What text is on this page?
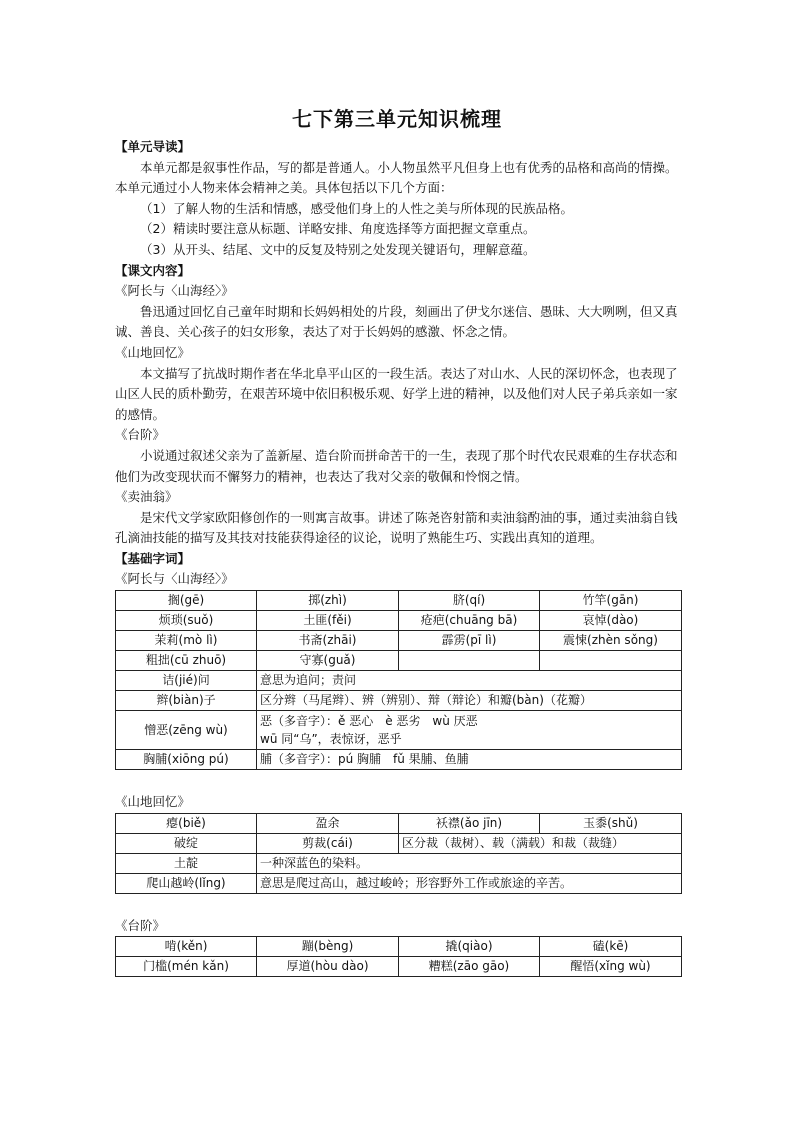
七下第三单元知识梳理
【单元导读】

本单元都是叙事性作品，写的都是普通人。小人物虽然平凡但身上也有优秀的品格和高尚的情操。本单元通过小人物来体会精神之美。具体包括以下几个方面：

（1）了解人物的生活和情感，感受他们身上的人性之美与所体现的民族品格。

（2）精读时要注意从标题、详略安排、角度选择等方面把握文章重点。

（3）从开头、结尾、文中的反复及特别之处发现关键语句，理解意蕴。

【课文内容】

《阿长与〈山海经〉》

鲁迅通过回忆自己童年时期和长妈妈相处的片段，刻画出了伊戈尔迷信、愚昧、大大咧咧，但又真诚、善良、关心孩子的妇女形象，表达了对于长妈妈的感激、怀念之情。

《山地回忆》

本文描写了抗战时期作者在华北阜平山区的一段生活。表达了对山水、人民的深切怀念，也表现了山区人民的质朴勤劳，在艰苦环境中依旧积极乐观、好学上进的精神，以及他们对人民子弟兵亲如一家的感情。

《台阶》

小说通过叙述父亲为了盖新屋、造台阶而拼命苦干的一生，表现了那个时代农民艰难的生存状态和他们为改变现状而不懈努力的精神，也表达了我对父亲的敬佩和怜悯之情。

《卖油翁》

是宋代文学家欧阳修创作的一则寓言故事。讲述了陈尧咨射箭和卖油翁酌油的事，通过卖油翁自钱孔滴油技能的描写及其技对技能获得途径的议论，说明了熟能生巧、实践出真知的道理。

【基础字词】

《阿长与〈山海经〉》

搁(gē)	掷(zhì)	脐(qí)	竹竿(gān)
烦琐(suǒ)	土匪(fěi)	疮疤(chuāng bā)	哀悼(dào)
茉莉(mò lì)	书斋(zhāi)	霹雳(pī lì)	震悚(zhèn sǒng)
粗拙(cū zhuō)	守寡(guǎ)		
诘(jié)问	意思为追问；责问		
辫(biàn)子	区分辫（马尾辫）、辨（辨别）、辩（辩论）和瓣(bàn)（花瓣）		
憎恶(zēng wù)	恶（多音字）：ě 恶心　è 恶劣　wù 厌恶
wū 同“乌”，表惊讶，恶乎		

胸脯(xiōng pú)	脯（多音字）：pú 胸脯　fǔ 果脯、鱼脯		

《山地回忆》

瘪(biě)	盈余	袄襟(ǎo jīn)	玉黍(shǔ)
破绽	剪裁(cái)	区分裁（裁树）、载（满载）和裁（裁缝）	
土靛	一种深蓝色的染料。		
爬山越岭(lǐng)	意思是爬过高山，越过峻岭；形容野外工作或旅途的辛苦。		

《台阶》

啃(kěn)	蹦(bèng)	撬(qiào)	磕(kē)
门槛(mén kǎn)	厚道(hòu dào)	糟糕(zāo gāo)	醒悟(xǐng wù)
